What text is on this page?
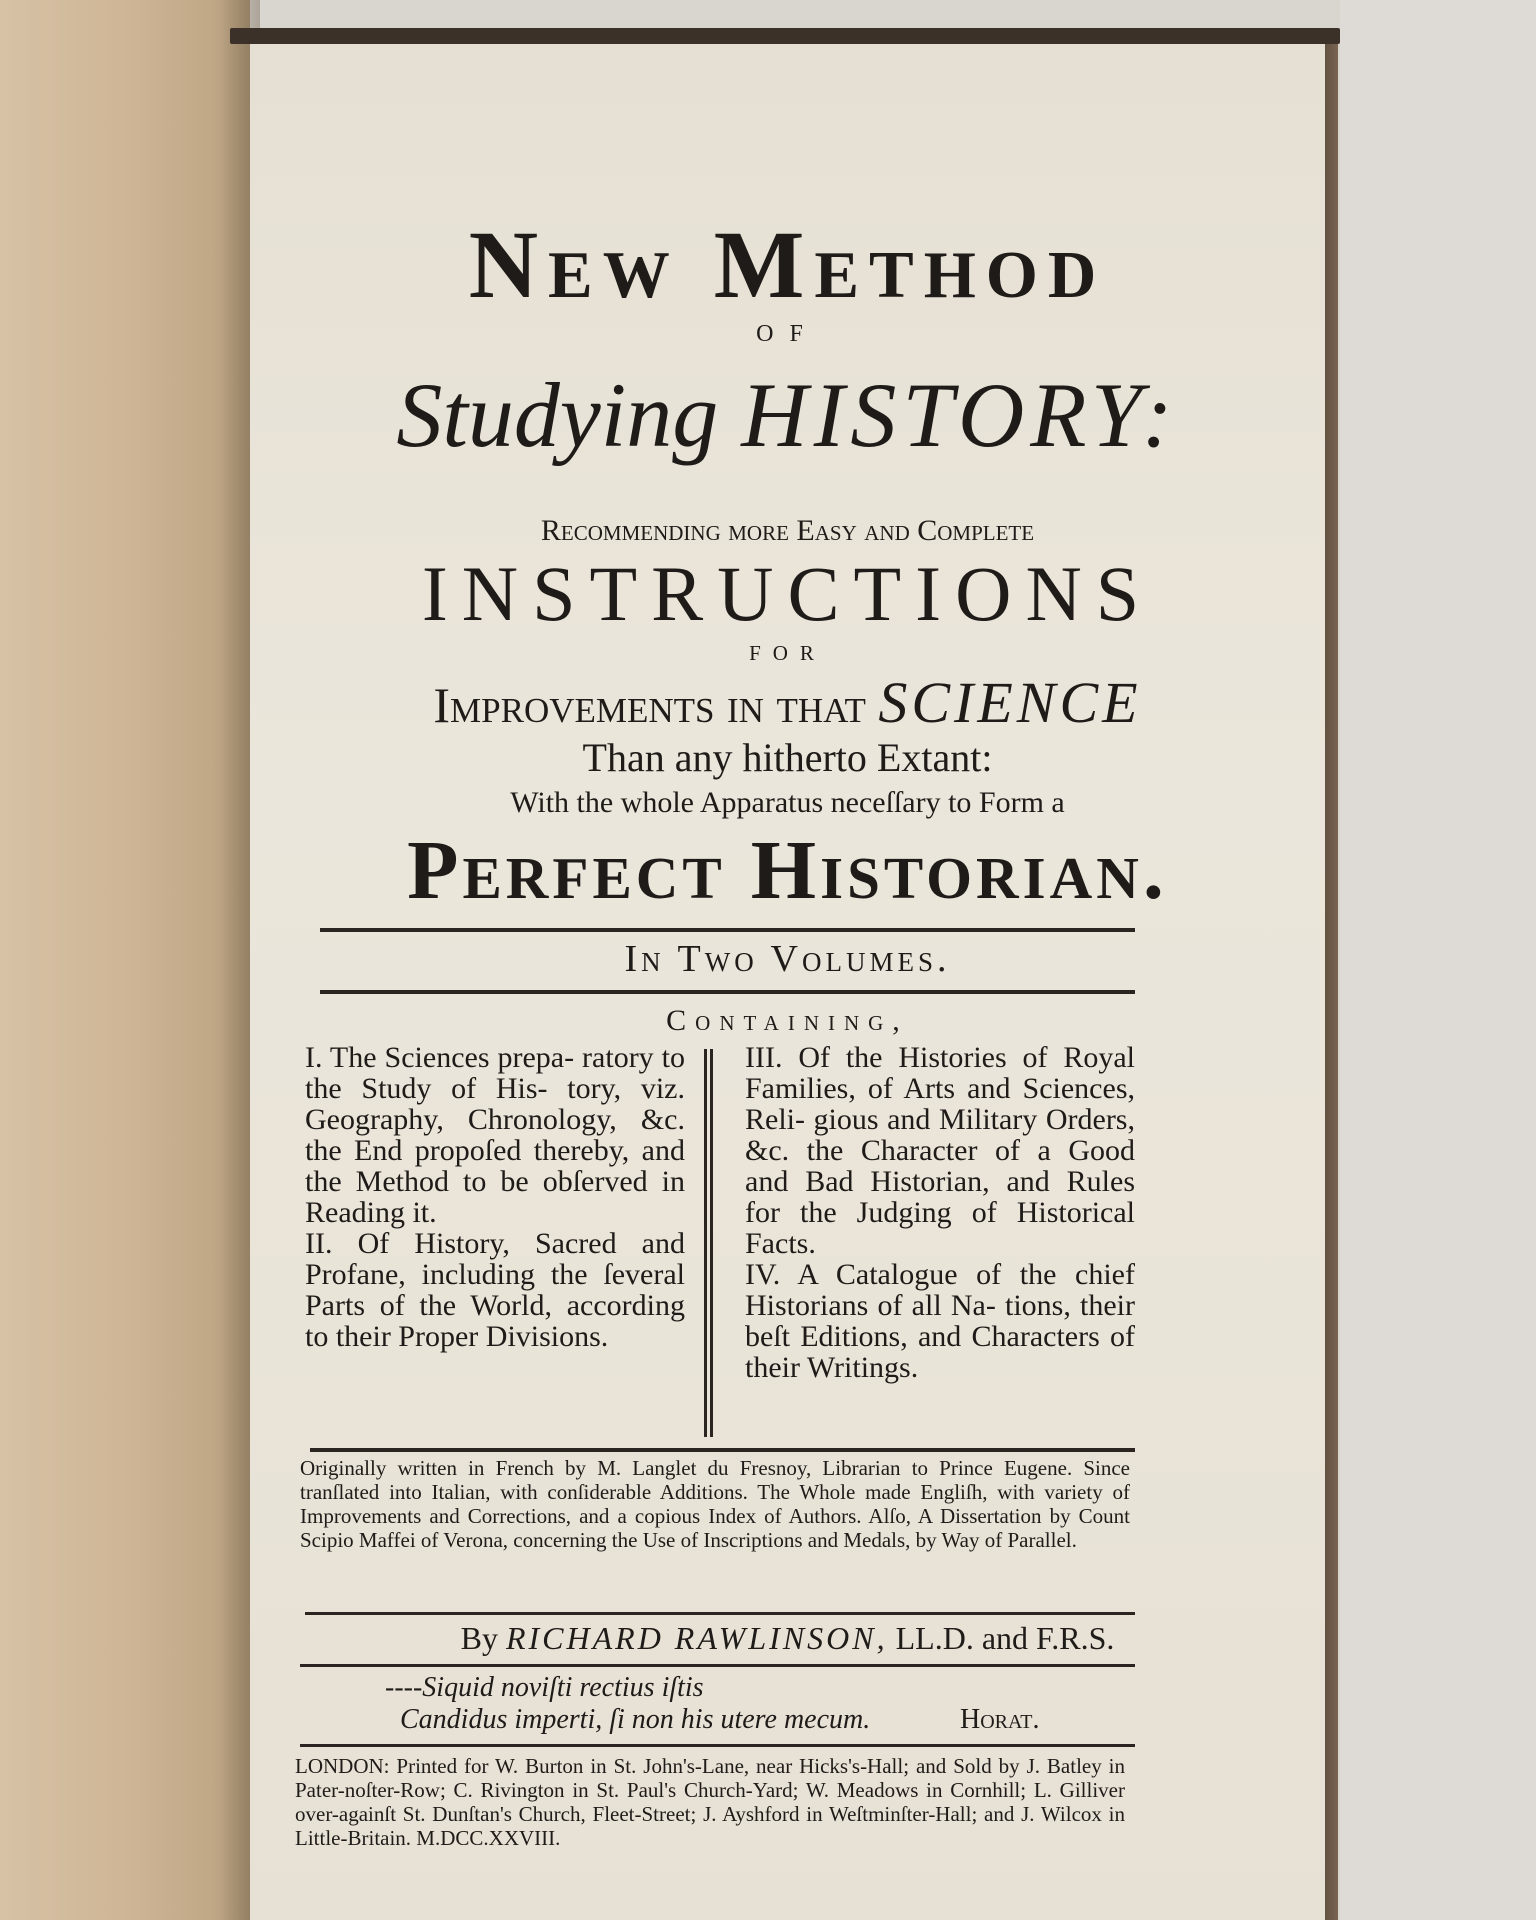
New Method
of
Studying HISTORY:
Recommending more Easy and Complete
INSTRUCTIONS
for
Improvements in that SCIENCE
Than any hitherto Extant:
With the whole Apparatus neceſſary to Form a
Perfect Historian.
In Two Volumes.
Containing,

I. The Sciences prepa- ratory to the Study of His- tory, viz. Geography, Chronology, &c. the End propoſed thereby, and the Method to be obſerved in Reading it.

II. Of History, Sacred and Profane, including the ſeveral Parts of the World, according to their Proper Divisions.

III. Of the Histories of Royal Families, of Arts and Sciences, Reli- gious and Military Orders, &c. the Character of a Good and Bad Historian, and Rules for the Judging of Historical Facts.

IV. A Catalogue of the chief Historians of all Na- tions, their beſt Editions, and Characters of their Writings.

Originally written in French by M. Langlet du Fresnoy, Librarian to Prince Eugene. Since tranſlated into Italian, with conſiderable Additions. The Whole made Engliſh, with variety of Improvements and Corrections, and a copious Index of Authors. Alſo, A Dissertation by Count Scipio Maffei of Verona, concerning the Use of Inscriptions and Medals, by Way of Parallel.
By RICHARD RAWLINSON, LL.D. and F.R.S.
----Siquid noviſti rectius iſtis
Candidus imperti, ſi non his utere mecum.	Horat.
LONDON: Printed for W. Burton in St. John's-Lane, near Hicks's-Hall; and Sold by J. Batley in Pater-noſter-Row; C. Rivington in St. Paul's Church-Yard; W. Meadows in Cornhill; L. Gilliver over-againſt St. Dunſtan's Church, Fleet-Street; J. Ayshford in Weſtminſter-Hall; and J. Wilcox in Little-Britain. M.DCC.XXVIII.
